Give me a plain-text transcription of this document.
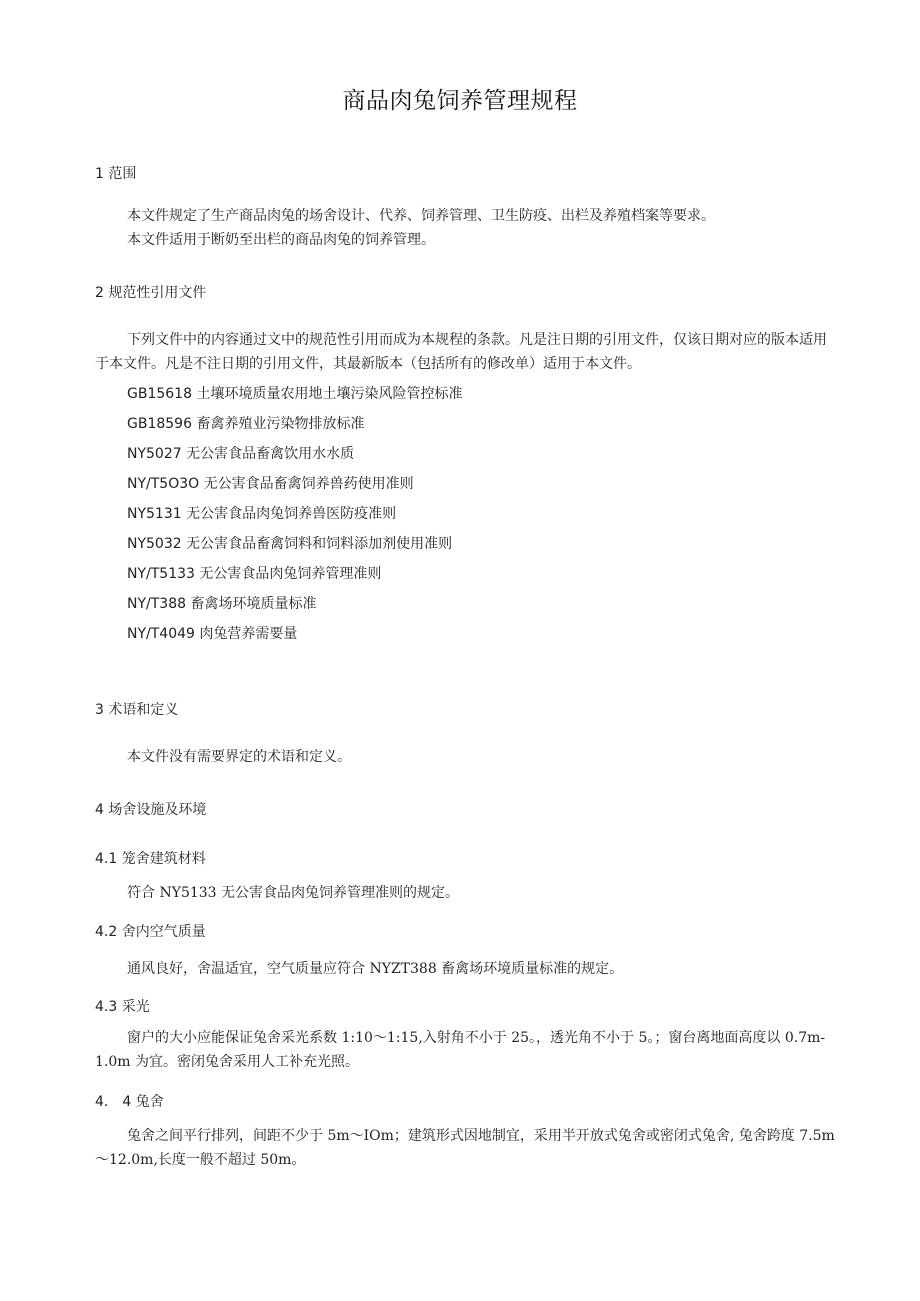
商品肉兔饲养管理规程
1 范围
本文件规定了生产商品肉兔的场舍设计、代养、饲养管理、卫生防疫、出栏及养殖档案等要求。
本文件适用于断奶至出栏的商品肉兔的饲养管理。
2 规范性引用文件
下列文件中的内容通过文中的规范性引用而成为本规程的条款。凡是注日期的引用文件，仅该日期对应的版本适用于本文件。凡是不注日期的引用文件，其最新版本（包括所有的修改单）适用于本文件。
GB15618 土壤环境质量农用地土壤污染风险管控标准
GB18596 畜禽养殖业污染物排放标准
NY5027 无公害食品畜禽饮用水水质
NY/T5O3O 无公害食品畜禽饲养兽药使用准则
NY5131 无公害食品肉兔饲养兽医防疫准则
NY5032 无公害食品畜禽饲料和饲料添加剂使用准则
NY/T5133 无公害食品肉兔饲养管理准则
NY/T388 畜禽场环境质量标准
NY/T4049 肉兔营养需要量
3 术语和定义
本文件没有需要界定的术语和定义。
4 场舍设施及环境
4.1 笼舍建筑材料
符合 NY5133 无公害食品肉兔饲养管理准则的规定。
4.2 舍内空气质量
通风良好，舍温适宜，空气质量应符合 NYZT388 畜禽场环境质量标准的规定。
4.3 采光
窗户的大小应能保证兔舍采光系数 1:10～1:15,入射角不小于 25。，透光角不小于 5。；窗台离地面高度以 0.7m-1.0m 为宜。密闭兔舍采用人工补充光照。
4.　4 兔舍
兔舍之间平行排列，间距不少于 5m～IOm；建筑形式因地制宜，采用半开放式兔舍或密闭式兔舍, 兔舍跨度 7.5m～12.0m,长度一般不超过 50m。
